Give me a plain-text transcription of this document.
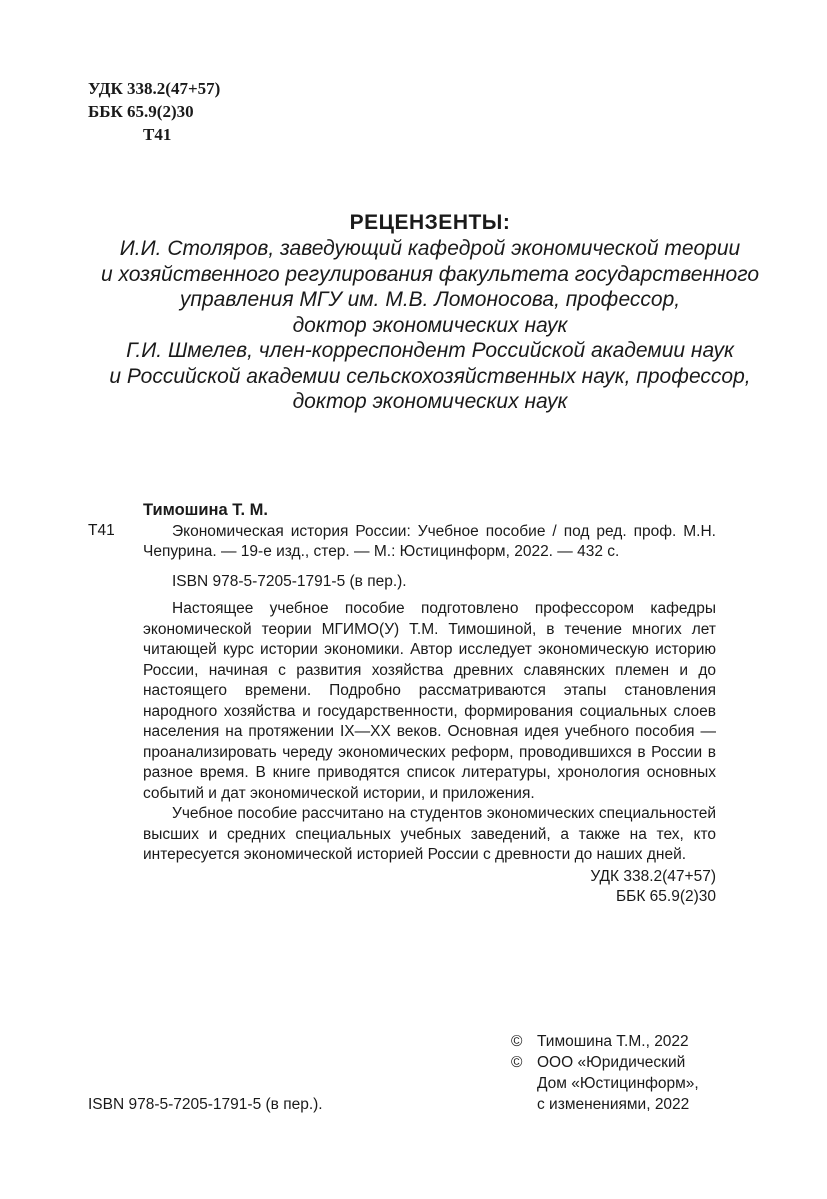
УДК 338.2(47+57)
ББК 65.9(2)30
Т41
РЕЦЕНЗЕНТЫ:
И.И. Столяров, заведующий кафедрой экономической теории
и хозяйственного регулирования факультета государственного
управления МГУ им. М.В. Ломоносова, профессор,
доктор экономических наук
Г.И. Шмелев, член-корреспондент Российской академии наук
и Российской академии сельскохозяйственных наук, профессор,
доктор экономических наук
Тимошина Т. М.
Т41	Экономическая история России: Учебное пособие / под ред. проф. М.Н. Чепурина. — 19-е изд., стер. — М.: Юстицинформ, 2022. — 432 с.
ISBN 978-5-7205-1791-5 (в пер.).
Настоящее учебное пособие подготовлено профессором кафедры экономической теории МГИМО(У) Т.М. Тимошиной, в течение многих лет читающей курс истории экономики. Автор исследует экономическую историю России, начиная с развития хозяйства древних славянских племен и до настоящего времени. Подробно рассматриваются этапы становления народного хозяйства и государственности, формирования социальных слоев населения на протяжении IX—XX веков. Основная идея учебного пособия — проанализировать череду экономических реформ, проводившихся в России в разное время. В книге приводятся список литературы, хронология основных событий и дат экономической истории, и приложения.
Учебное пособие рассчитано на студентов экономических специальностей высших и средних специальных учебных заведений, а также на тех, кто интересуется экономической историей России с древности до наших дней.
УДК 338.2(47+57)
ББК 65.9(2)30
© Тимошина Т.М., 2022
© ООО «Юридический
Дом «Юстицинформ»,
с изменениями, 2022
ISBN 978-5-7205-1791-5 (в пер.).
